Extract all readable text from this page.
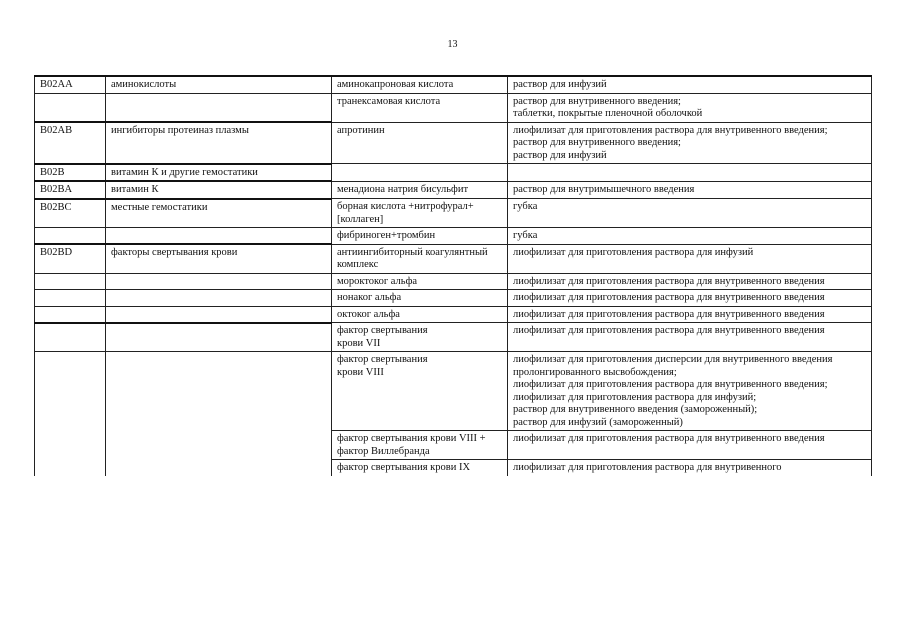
13
B02AA	аминокислоты	аминокапроновая кислота	раствор для инфузий
		транексамовая кислота	раствор для внутривенного введения;
таблетки, покрытые пленочной оболочкой
B02AB	ингибиторы протеиназ плазмы	апротинин	лиофилизат для приготовления раствора для внутривенного введения;
раствор для внутривенного введения;
раствор для инфузий
B02B	витамин К и другие гемостатики		
B02BA	витамин К	менадиона натрия бисульфит	раствор для внутримышечного введения
B02BC	местные гемостатики	борная кислота +нитрофурал+[коллаген]	губка
		фибриноген+тромбин	губка
B02BD	факторы свертывания крови	антиингибиторный коагулянтный комплекс	лиофилизат для приготовления раствора для инфузий
		мороктоког альфа	лиофилизат для приготовления раствора для внутривенного введения
		нонаког альфа	лиофилизат для приготовления раствора для внутривенного введения
		октоког альфа	лиофилизат для приготовления раствора для внутривенного введения
		фактор свертывания
крови VII	лиофилизат для приготовления раствора для внутривенного введения
		фактор свертывания
крови VIII	лиофилизат для приготовления дисперсии для внутривенного введения пролонгированного высвобождения;
лиофилизат для приготовления раствора для внутривенного введения;
лиофилизат для приготовления раствора для инфузий;
раствор для внутривенного введения (замороженный);
раствор для инфузий (замороженный)
		фактор свертывания крови VIII + фактор Виллебранда	лиофилизат для приготовления раствора для внутривенного введения
		фактор свертывания крови IX	лиофилизат для приготовления раствора для внутривенного
